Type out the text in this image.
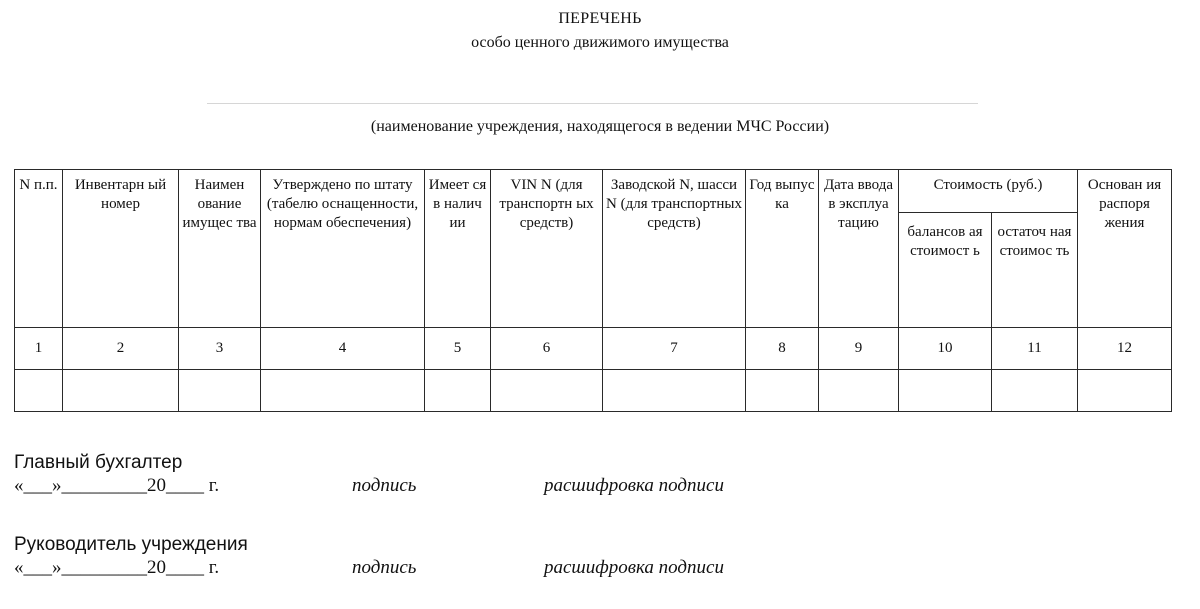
ПЕРЕЧЕНЬ
особо ценного движимого имущества
(наименование учреждения, находящегося в ведении МЧС России)
N п.п.	Инвентарн ый номер	Наимен ование имущес тва	Утверждено по штату (табелю оснащенности, нормам обеспечения)	Имеет ся в налич ии	VIN N (для транспортн ых средств)	Заводской N, шасси N (для транспортных средств)	Год выпус ка	Дата ввода в эксплуа тацию	Стоимость (руб.)		Основан ия распоря жения
									балансов ая стоимост ь	остаточ ная стоимос ть	
1	2	3	4	5	6	7	8	9	10	11	12

Главный бухгалтер
«___»_________20____ г.	подпись	расшифровка подписи
Руководитель учреждения
«___»_________20____ г.	подпись	расшифровка подписи
